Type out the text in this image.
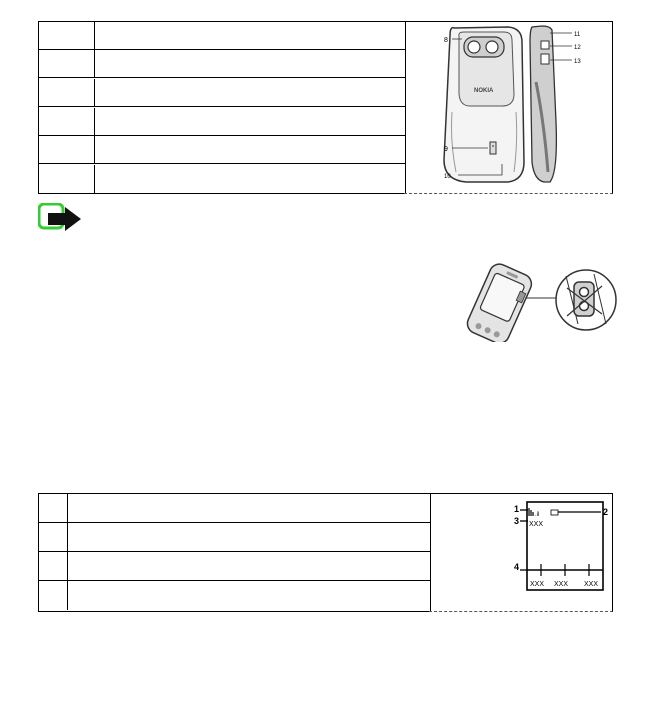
NOKIA
8
9
10
11
12
13
.il
XXX
1	2
3
4
XXX XXX XXX
